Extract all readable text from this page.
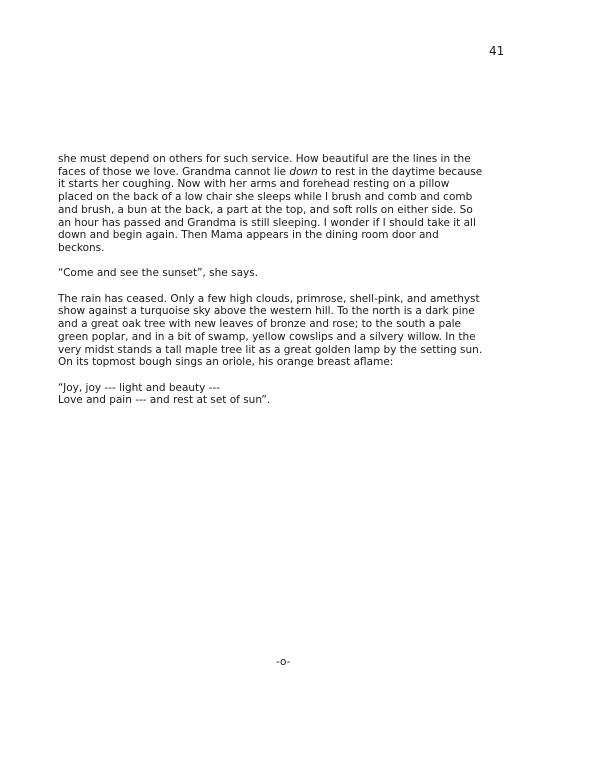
41

she must depend on others for such service. How beautiful are the lines in the
faces of those we love. Grandma cannot lie down to rest in the daytime because
it starts her coughing. Now with her arms and forehead resting on a pillow
placed on the back of a low chair she sleeps while I brush and comb and comb
and brush, a bun at the back, a part at the top, and soft rolls on either side. So
an hour has passed and Grandma is still sleeping. I wonder if I should take it all
down and begin again. Then Mama appears in the dining room door and
beckons.

“Come and see the sunset”, she says.

The rain has ceased. Only a few high clouds, primrose, shell-pink, and amethyst
show against a turquoise sky above the western hill. To the north is a dark pine
and a great oak tree with new leaves of bronze and rose; to the south a pale
green poplar, and in a bit of swamp, yellow cowslips and a silvery willow. In the
very midst stands a tall maple tree lit as a great golden lamp by the setting sun.
On its topmost bough sings an oriole, his orange breast aflame:

“Joy, joy --- light and beauty ---
Love and pain --- and rest at set of sun”.

-o-
